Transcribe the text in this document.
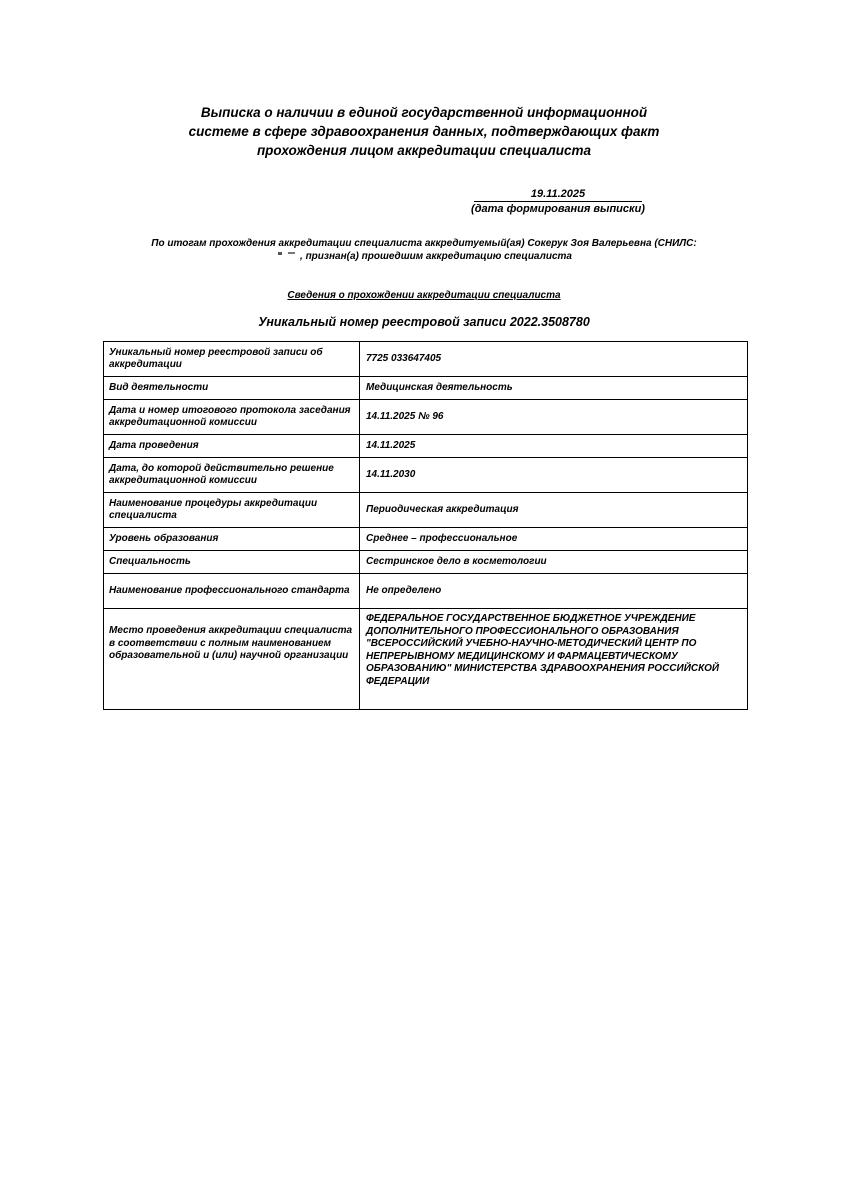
Выписка о наличии в единой государственной информационной
системе в сфере здравоохранения данных, подтверждающих факт
прохождения лицом аккредитации специалиста
19.11.2025
(дата формирования выписки)
По итогам прохождения аккредитации специалиста аккредитуемый(ая) Сокерук Зоя Валерьевна (СНИЛС:
, признан(а) прошедшим аккредитацию специалиста
Сведения о прохождении аккредитации специалиста
Уникальный номер реестровой записи 2022.3508780
Уникальный номер реестровой записи об аккредитации	7725 033647405
Вид деятельности	Медицинская деятельность
Дата и номер итогового протокола заседания аккредитационной комиссии	14.11.2025 № 96
Дата проведения	14.11.2025
Дата, до которой действительно решение аккредитационной комиссии	14.11.2030
Наименование процедуры аккредитации специалиста	Периодическая аккредитация
Уровень образования	Среднее – профессиональное
Специальность	Сестринское дело в косметологии
Наименование профессионального стандарта	Не определено
Место проведения аккредитации специалиста в соответствии с полным наименованием образовательной и (или) научной организации	ФЕДЕРАЛЬНОЕ ГОСУДАРСТВЕННОЕ БЮДЖЕТНОЕ УЧРЕЖДЕНИЕ ДОПОЛНИТЕЛЬНОГО ПРОФЕССИОНАЛЬНОГО ОБРАЗОВАНИЯ "ВСЕРОССИЙСКИЙ УЧЕБНО-НАУЧНО-МЕТОДИЧЕСКИЙ ЦЕНТР ПО НЕПРЕРЫВНОМУ МЕДИЦИНСКОМУ И ФАРМАЦЕВТИЧЕСКОМУ ОБРАЗОВАНИЮ" МИНИСТЕРСТВА ЗДРАВООХРАНЕНИЯ РОССИЙСКОЙ ФЕДЕРАЦИИ
